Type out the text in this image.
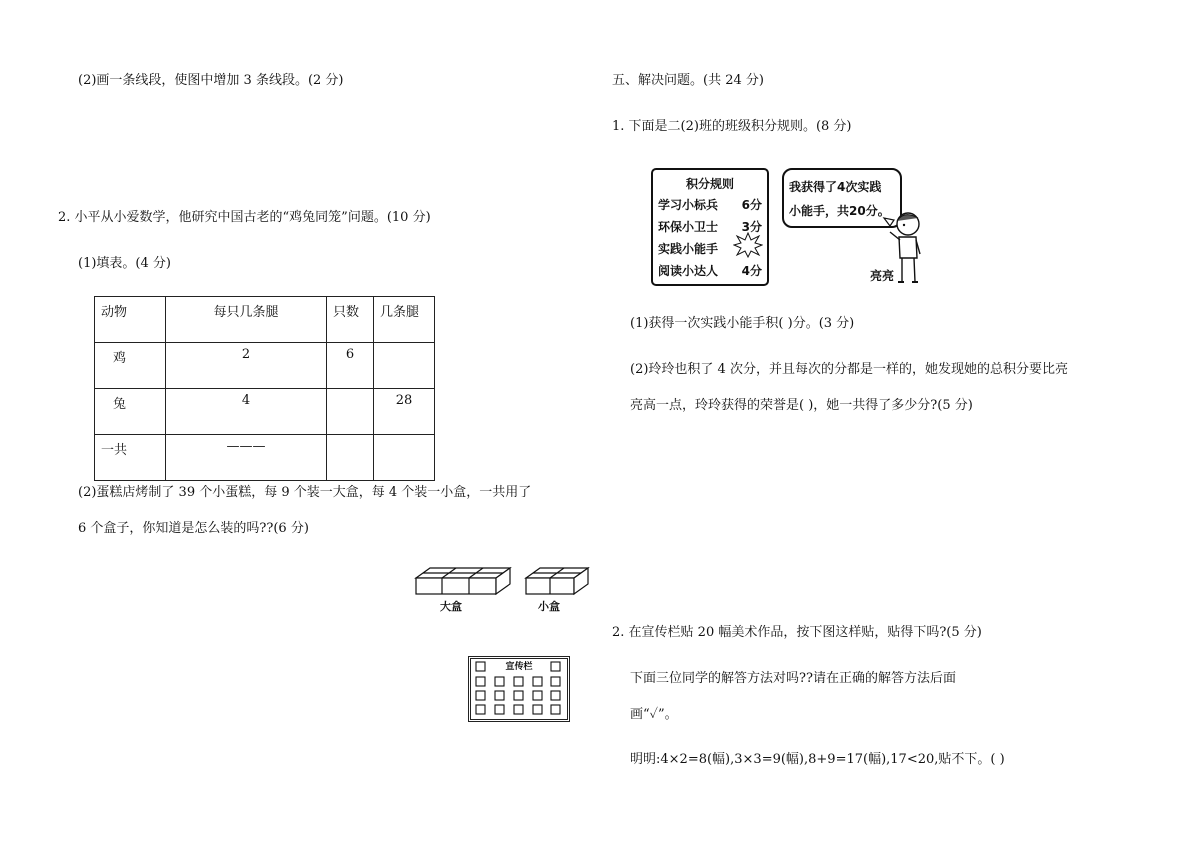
(2)画一条线段，使图中增加 3 条线段。(2 分)
2. 小平从小爱数学，他研究中国古老的“鸡兔同笼”问题。(10 分)
(1)填表。(4 分)
动物	每只几条腿	只数	几条腿
鸡	2	6	
兔	4		28
一共	———		
(2)蛋糕店烤制了 39 个小蛋糕，每 9 个装一大盒，每 4 个装一小盒，一共用了
6 个盒子，你知道是怎么装的吗??(6 分)
大盒	小盒
宣传栏
五、解决问题。(共 24 分)
1. 下面是二(2)班的班级积分规则。(8 分)
积分规则
学习小标兵 6分
环保小卫士 3分
实践小能手
阅读小达人 4分
我获得了4次实践
小能手，共20分。
亮亮
(1)获得一次实践小能手积( )分。(3 分)
(2)玲玲也积了 4 次分，并且每次的分都是一样的，她发现她的总积分要比亮
亮高一点，玲玲获得的荣誉是( )，她一共得了多少分?(5 分)
2. 在宣传栏贴 20 幅美术作品，按下图这样贴，贴得下吗?(5 分)
下面三位同学的解答方法对吗??请在正确的解答方法后面
画“✓”。
明明:4×2=8(幅),3×3=9(幅),8+9=17(幅),17<20,贴不下。( )
